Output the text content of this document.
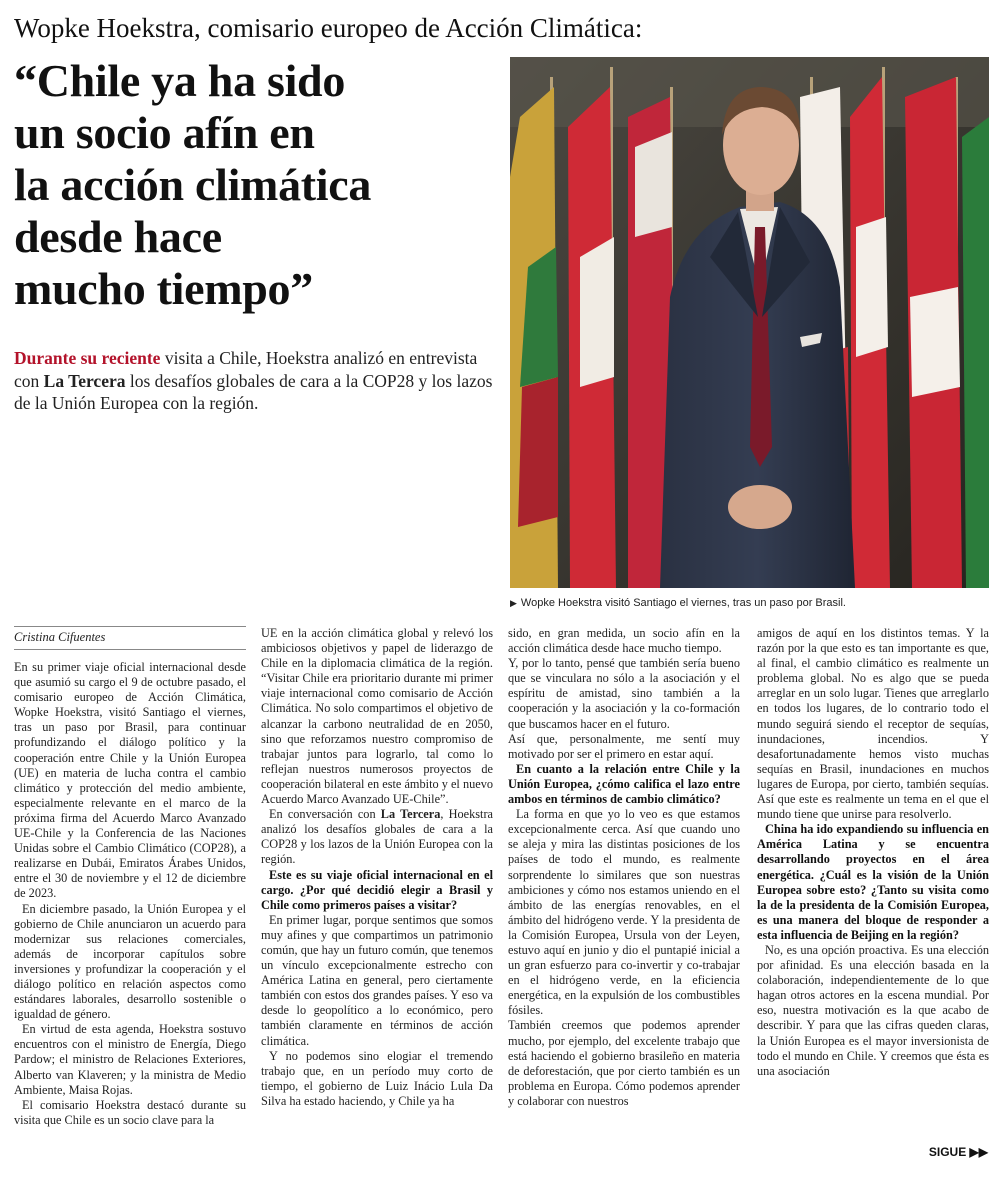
Wopke Hoekstra, comisario europeo de Acción Climática:
“Chile ya ha sido
un socio afín en
la acción climática
desde hace
mucho tiempo”

Durante su reciente visita a Chile, Hoekstra analizó en entrevista con La Tercera los desafíos globales de cara a la COP28 y los lazos de la Unión Europea con la región.

▶ Wopke Hoekstra visitó Santiago el viernes, tras un paso por Brasil.
Cristina Cifuentes

En su primer viaje oficial internacional desde que asumió su cargo el 9 de octubre pasado, el comisario europeo de Acción Climática, Wopke Hoekstra, visitó Santiago el viernes, tras un paso por Brasil, para continuar profundizando el diálogo político y la cooperación entre Chile y la Unión Europea (UE) en materia de lucha contra el cambio climático y protección del medio ambiente, especialmente relevante en el marco de la próxima firma del Acuerdo Marco Avanzado UE-Chile y la Conferencia de las Naciones Unidas sobre el Cambio Climático (COP28), a realizarse en Dubái, Emiratos Árabes Unidos, entre el 30 de noviembre y el 12 de diciembre de 2023.

En diciembre pasado, la Unión Europea y el gobierno de Chile anunciaron un acuerdo para modernizar sus relaciones comerciales, además de incorporar capítulos sobre inversiones y profundizar la cooperación y el diálogo político en relación aspectos como estándares laborales, desarrollo sostenible o igualdad de género.

En virtud de esta agenda, Hoekstra sostuvo encuentros con el ministro de Energía, Diego Pardow; el ministro de Relaciones Exteriores, Alberto van Klaveren; y la ministra de Medio Ambiente, Maisa Rojas.

El comisario Hoekstra destacó durante su visita que Chile es un socio clave para la

UE en la acción climática global y relevó los ambiciosos objetivos y papel de liderazgo de Chile en la diplomacia climática de la región. “Visitar Chile era prioritario durante mi primer viaje internacional como comisario de Acción Climática. No solo compartimos el objetivo de alcanzar la carbono neutralidad de en 2050, sino que reforzamos nuestro compromiso de trabajar juntos para lograrlo, tal como lo reflejan nuestros numerosos proyectos de cooperación bilateral en este ámbito y el nuevo Acuerdo Marco Avanzado UE-Chile”.

En conversación con La Tercera, Hoekstra analizó los desafíos globales de cara a la COP28 y los lazos de la Unión Europea con la región.

Este es su viaje oficial internacional en el cargo. ¿Por qué decidió elegir a Brasil y Chile como primeros países a visitar?

En primer lugar, porque sentimos que somos muy afines y que compartimos un patrimonio común, que hay un futuro común, que tenemos un vínculo excepcionalmente estrecho con América Latina en general, pero ciertamente también con estos dos grandes países. Y eso va desde lo geopolítico a lo económico, pero también claramente en términos de acción climática.

Y no podemos sino elogiar el tremendo trabajo que, en un período muy corto de tiempo, el gobierno de Luiz Inácio Lula Da Silva ha estado haciendo, y Chile ya ha

sido, en gran medida, un socio afín en la acción climática desde hace mucho tiempo.

Y, por lo tanto, pensé que también sería bueno que se vinculara no sólo a la asociación y el espíritu de amistad, sino también a la cooperación y la asociación y la co-formación que buscamos hacer en el futuro.

Así que, personalmente, me sentí muy motivado por ser el primero en estar aquí.

En cuanto a la relación entre Chile y la Unión Europea, ¿cómo califica el lazo entre ambos en términos de cambio climático?

La forma en que yo lo veo es que estamos excepcionalmente cerca. Así que cuando uno se aleja y mira las distintas posiciones de los países de todo el mundo, es realmente sorprendente lo similares que son nuestras ambiciones y cómo nos estamos uniendo en el ámbito de las energías renovables, en el ámbito del hidrógeno verde. Y la presidenta de la Comisión Europea, Ursula von der Leyen, estuvo aquí en junio y dio el puntapié inicial a un gran esfuerzo para co-invertir y co-trabajar en el hidrógeno verde, en la eficiencia energética, en la expulsión de los combustibles fósiles.

También creemos que podemos aprender mucho, por ejemplo, del excelente trabajo que está haciendo el gobierno brasileño en materia de deforestación, que por cierto también es un problema en Europa. Cómo podemos aprender y colaborar con nuestros

amigos de aquí en los distintos temas. Y la razón por la que esto es tan importante es que, al final, el cambio climático es realmente un problema global. No es algo que se pueda arreglar en un solo lugar. Tienes que arreglarlo en todos los lugares, de lo contrario todo el mundo seguirá siendo el receptor de sequías, inundaciones, incendios. Y desafortunadamente hemos visto muchas sequías en Brasil, inundaciones en muchos lugares de Europa, por cierto, también sequías. Así que este es realmente un tema en el que el mundo tiene que unirse para resolverlo.

China ha ido expandiendo su influencia en América Latina y se encuentra desarrollando proyectos en el área energética. ¿Cuál es la visión de la Unión Europea sobre esto? ¿Tanto su visita como la de la presidenta de la Comisión Europea, es una manera del bloque de responder a esta influencia de Beijing en la región?

No, es una opción proactiva. Es una elección por afinidad. Es una elección basada en la colaboración, independientemente de lo que hagan otros actores en la escena mundial. Por eso, nuestra motivación es la que acabo de describir. Y para que las cifras queden claras, la Unión Europea es el mayor inversionista de todo el mundo en Chile. Y creemos que ésta es una asociación

SIGUE ▶▶
